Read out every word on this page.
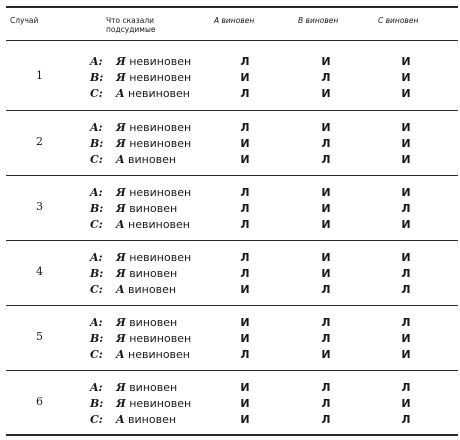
Случай	Что сказали
подсудимые
А виновен	В виновен	С виновен
1
A:	Я невиновен	Л	И	И
B:	Я невиновен	И	Л	И
C:	A невиновен	Л	И	И
2
A:	Я невиновен	Л	И	И
B:	Я невиновен	И	Л	И
C:	A виновен	И	Л	И
3
A:	Я невиновен	Л	И	И
B:	Я виновен	Л	И	Л
C:	A невиновен	Л	И	И
4
A:	Я невиновен	Л	И	И
B:	Я виновен	Л	И	Л
C:	A виновен	И	Л	Л
5
A:	Я виновен	И	Л	Л
B:	Я невиновен	И	Л	И
C:	A невиновен	Л	И	И
6
A:	Я виновен	И	Л	Л
B:	Я невиновен	И	Л	И
C:	A виновен	И	Л	Л
